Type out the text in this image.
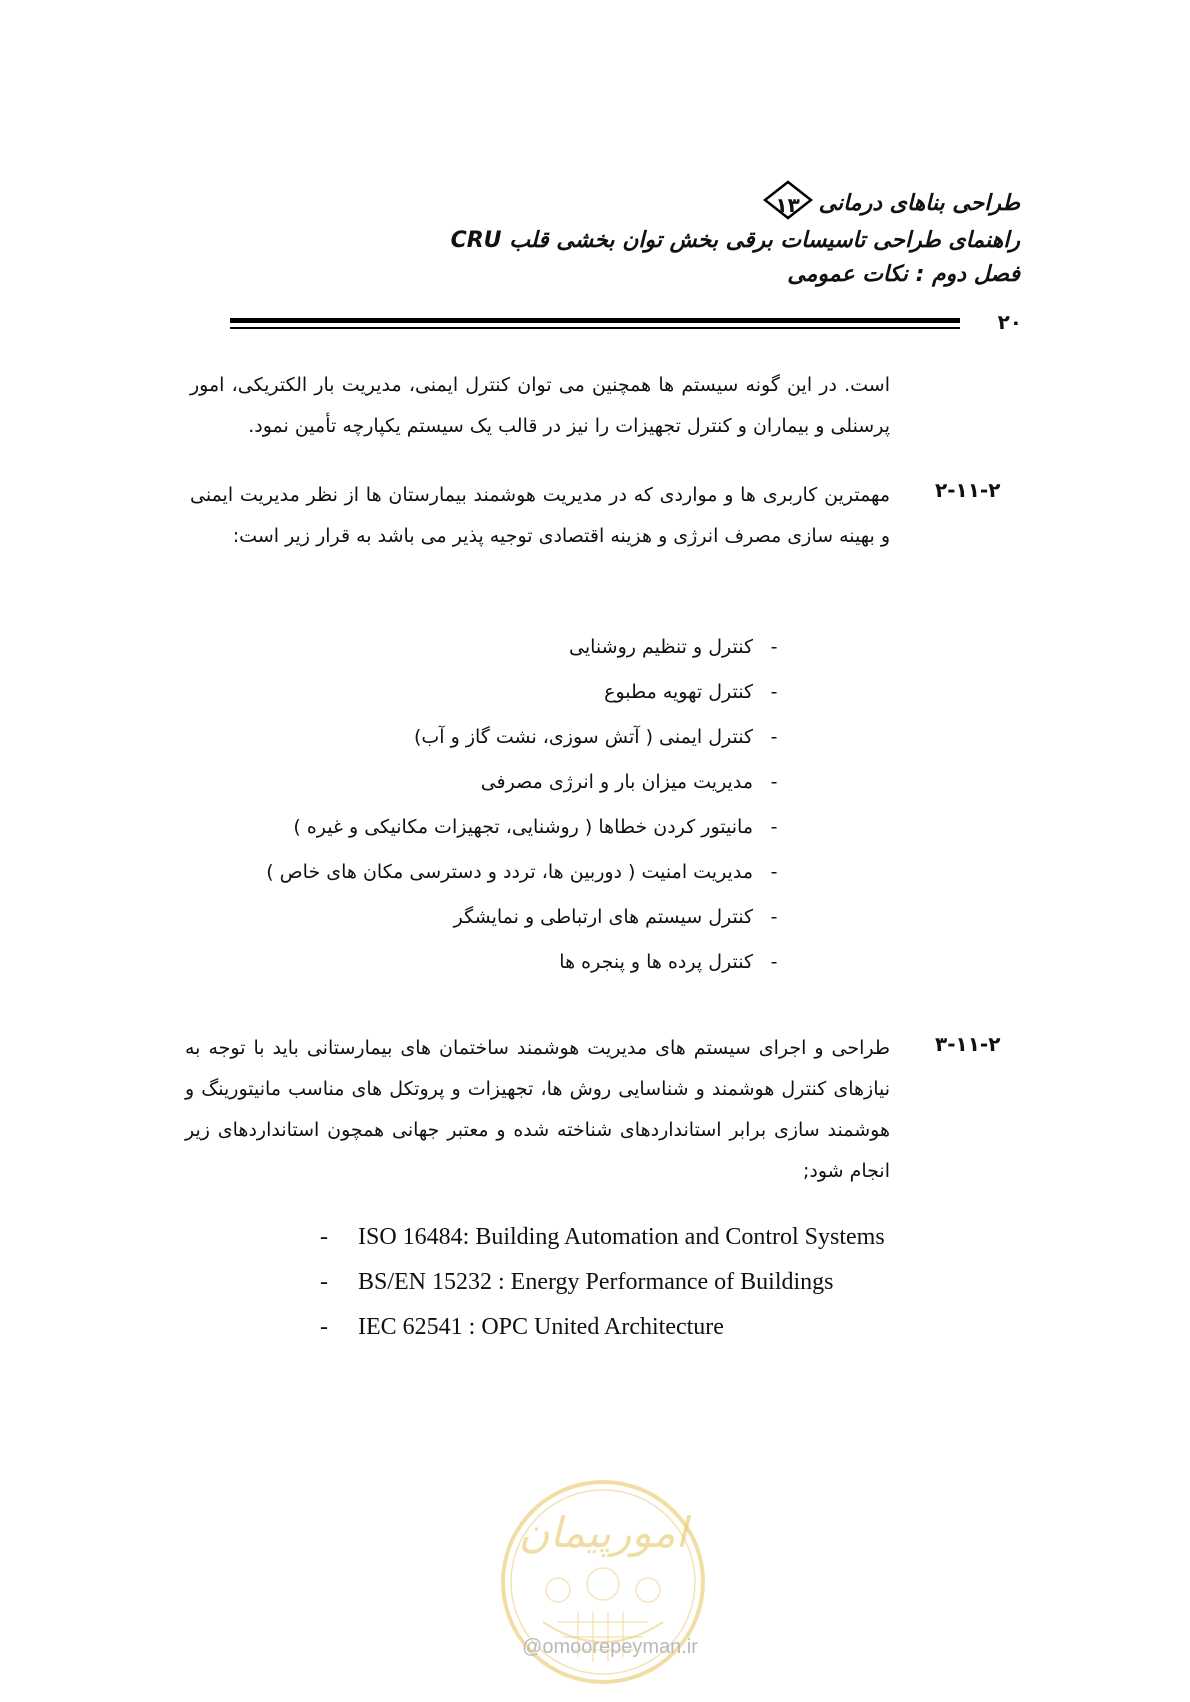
طراحی بناهای درمانی
۱۳
راهنمای طراحی تاسیسات برقی بخش توان بخشی قلب CRU
فصل دوم : نکات عمومی
۲۰
است. در این گونه سیستم ها همچنین می توان کنترل ایمنی، مدیریت بار الکتریکی، امور پرسنلی و بیماران و کنترل تجهیزات را نیز در قالب یک سیستم یکپارچه تأمین نمود.
۲-۱۱-۲
مهمترین کاربری ها و مواردی که در مدیریت هوشمند بیمارستان ها از نظر مدیریت ایمنی و بهینه سازی مصرف انرژی و هزینه اقتصادی توجیه پذیر می باشد به قرار زیر است:
-کنترل و تنظیم روشنایی
-کنترل تهویه مطبوع
-کنترل ایمنی ( آتش سوزی، نشت گاز و آب)
-مدیریت میزان بار و انرژی مصرفی
-مانیتور کردن خطاها ( روشنایی، تجهیزات مکانیکی و غیره )
-مدیریت امنیت ( دوربین ها، تردد و دسترسی مکان های خاص )
-کنترل سیستم های ارتباطی و نمایشگر
-کنترل پرده ها و پنجره ها
۳-۱۱-۲
طراحی و اجرای سیستم های مدیریت هوشمند ساختمان های بیمارستانی باید با توجه به نیازهای کنترل هوشمند و شناسایی روش ها، تجهیزات و پروتکل های مناسب مانیتورینگ و هوشمند سازی برابر استانداردهای شناخته شده و معتبر جهانی همچون استانداردهای زیر انجام شود;
- ISO 16484: Building Automation and Control Systems
- BS/EN 15232 : Energy Performance of Buildings
- IEC 62541 : OPC United Architecture
امورپیمان
@omoorepeyman.ir
